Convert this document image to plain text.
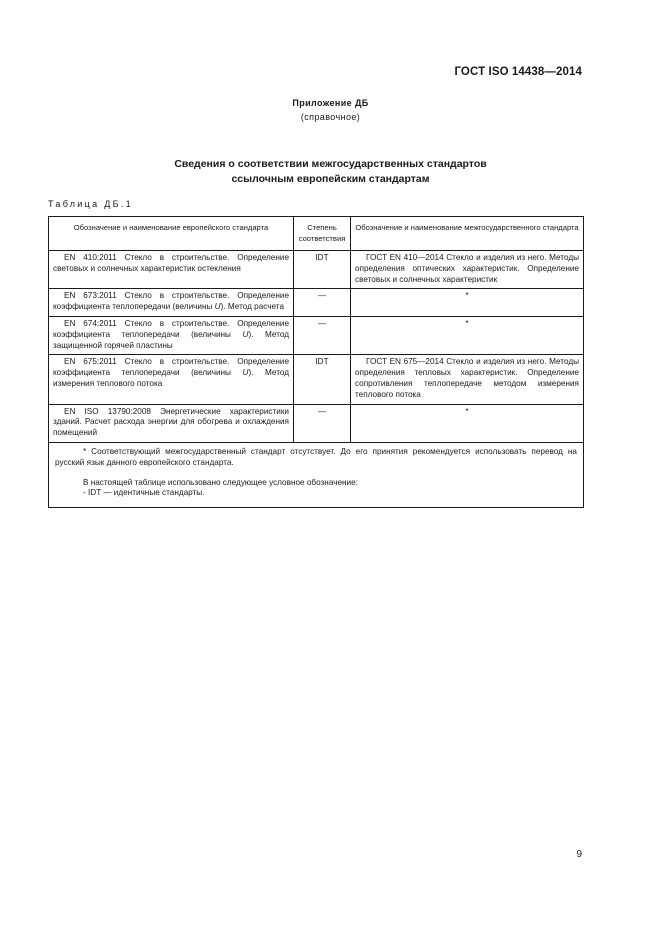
ГОСТ ISO 14438—2014
Приложение ДБ
(справочное)
Сведения о соответствии межгосударственных стандартов
ссылочным европейским стандартам
Таблица ДБ.1
Обозначение и наименование европейского стандарта	Степень соответствия	Обозначение и наименование межгосударственного стандарта
EN 410:2011 Стекло в строительстве. Определение световых и солнечных характеристик остекления	IDT	ГОСТ EN 410—2014 Стекло и изделия из него. Методы определения оптических характеристик. Определение световых и солнечных характеристик
EN 673:2011 Стекло в строительстве. Определение коэффициента теплопередачи (величины U). Метод расчета	—	*
EN 674:2011 Стекло в строительстве. Определение коэффициента теплопередачи (величины U). Метод защищенной горячей пластины	—	*
EN 675:2011 Стекло в строительстве. Определение коэффициента теплопередачи (величины U). Метод измерения теплового потока	IDT	ГОСТ EN 675—2014 Стекло и изделия из него. Методы определения тепловых характеристик. Определение сопротивления теплопередаче методом измерения теплового потока
EN ISO 13790:2008 Энергетические характеристики зданий. Расчет расхода энергии для обогрева и охлаждения помещений	—	*

* Соответствующий межгосударственный стандарт отсутствует. До его принятия рекомендуется использовать перевод на русский язык данного европейского стандарта.

В настоящей таблице использовано следующее условное обозначение:

- IDT — идентичные стандарты.		

9
